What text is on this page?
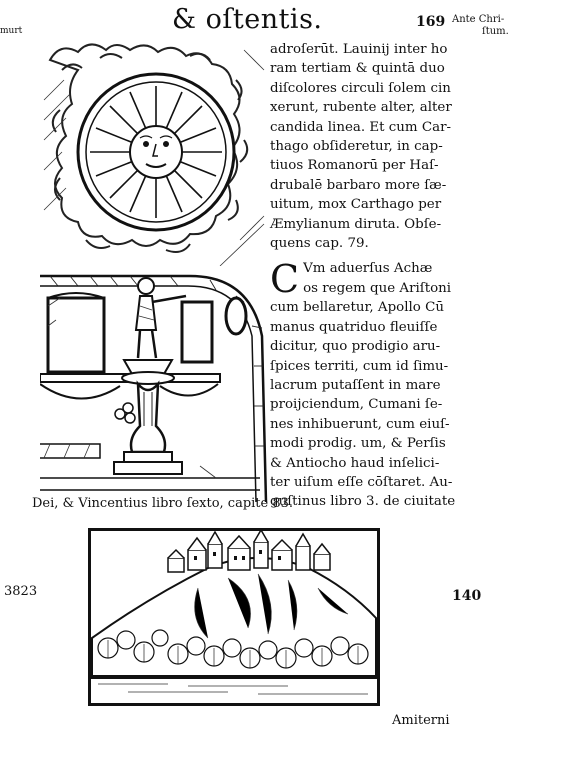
& oſtentis.	169 Ante Chri-
ſtum.
murt

adroſerūt. Lauinij inter ho

ram tertiam & quintā duo

diſcolores circuli ſolem cin

xerunt, rubente alter, alter

candida linea. Et cum Car-

thago obſideretur, in cap-

tiuos Romanorū per Haſ-

drubalē barbaro more ſæ-

uitum, mox Carthago per

Æmylianum diruta. Obſe-

quens cap. 79.

C Vm aduerſus Achæ

os regem que Ariſtoni

cum bellaretur, Apollo Cū

manus quatriduo fleuiſſe

dicitur, quo prodigio aru-

ſpices territi, cum id ſimu-

lacrum putaſſent in mare

proijciendum, Cumani ſe-

nes inhibuerunt, cum eiuſ-

modi prodig. um, & Perſis

& Antiocho haud inſelici-

ter uiſum eſſe cōſtaret. Au-

guſtinus libro 3. de ciuitate

Dei, & Vincentius libro ſexto, capite 83.
3823	140
Amiterni
